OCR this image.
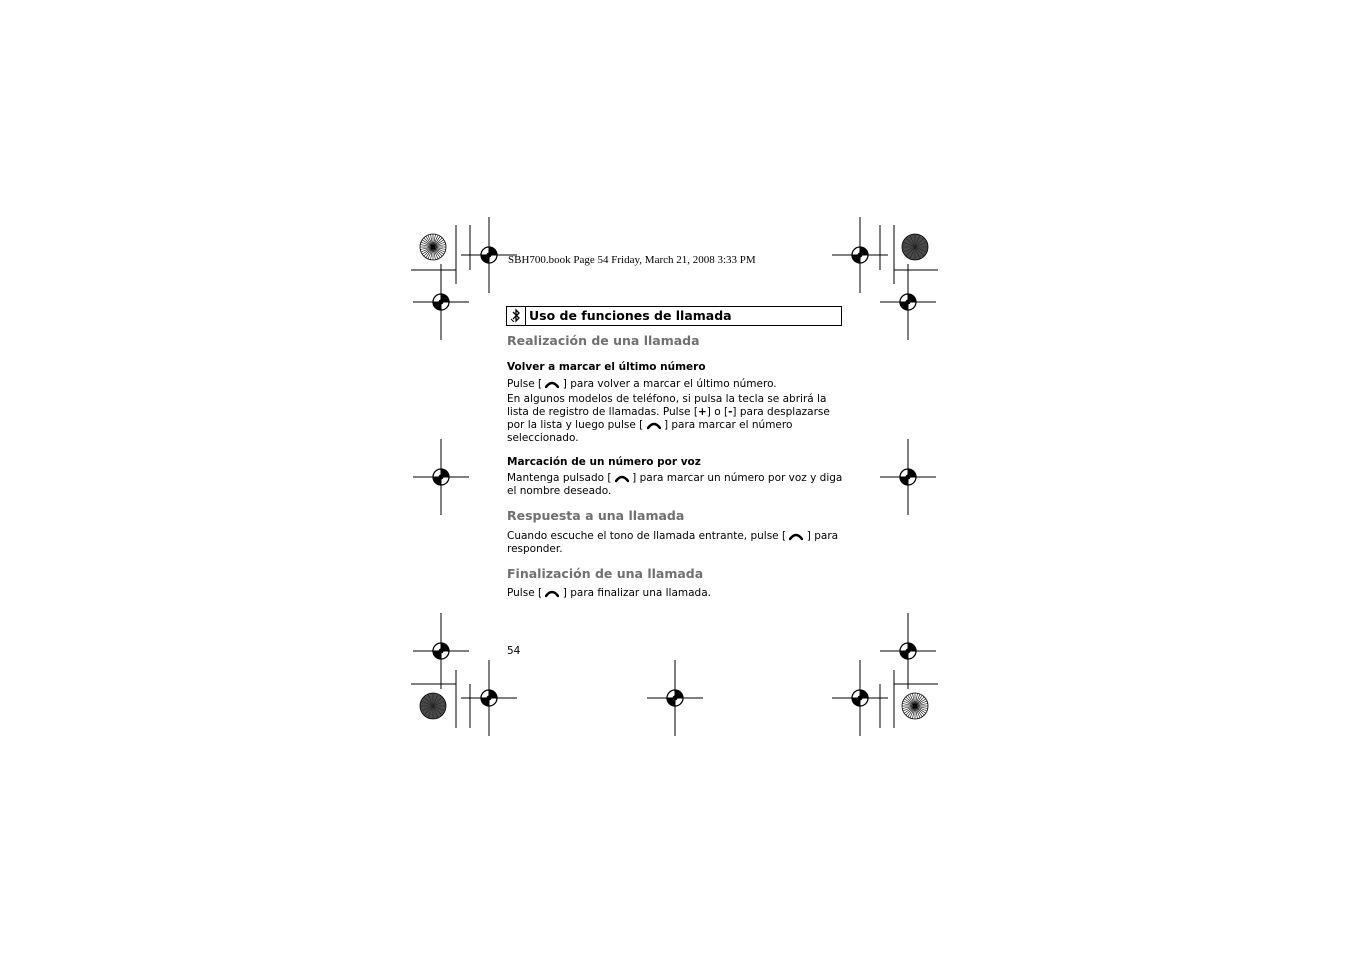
SBH700.book Page 54 Friday, March 21, 2008 3:33 PM
Uso de funciones de llamada
Realización de una llamada
Volver a marcar el último número
Pulse [ ] para volver a marcar el último número.
En algunos modelos de teléfono, si pulsa la tecla se abrirá la
lista de registro de llamadas. Pulse [+] o [-] para desplazarse
por la lista y luego pulse [ ] para marcar el número
seleccionado.
Marcación de un número por voz
Mantenga pulsado [ ] para marcar un número por voz y diga
el nombre deseado.
Respuesta a una llamada
Cuando escuche el tono de llamada entrante, pulse [ ] para
responder.
Finalización de una llamada
Pulse [ ] para finalizar una llamada.
54
